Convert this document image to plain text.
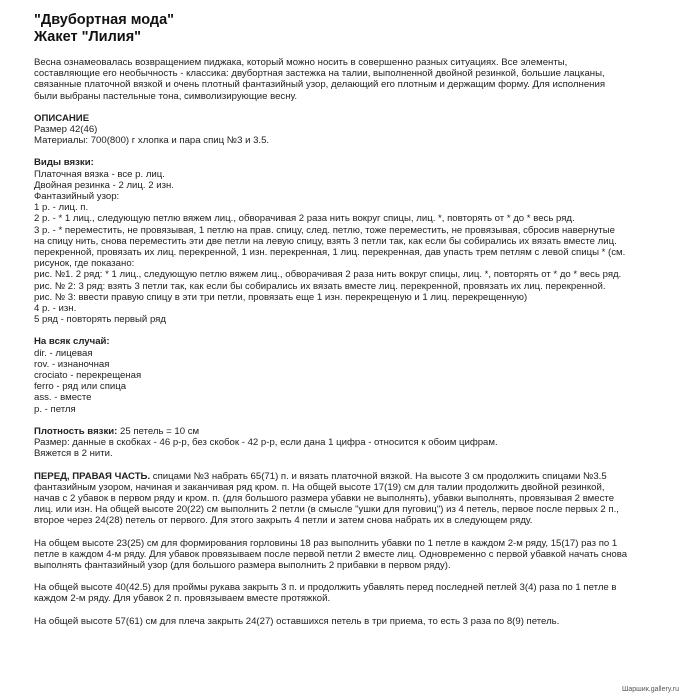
"Двубортная мода"
Жакет "Лилия"

Весна ознамеовалась возвращением пиджака, который можно носить в совершенно разных ситуациях. Все элементы,
составляющие его необычность - классика: двубортная застежка на талии, выполненной двойной резинкой, большие лацканы,
связанные платочной вязкой и очень плотный фантазийный узор, делающий его плотным и держащим форму. Для исполнения
были выбраны пастельные тона, символизирующие весну.

ОПИСАНИЕ

Размер 42(46)

Материалы: 700(800) г хлопка и пара спиц №3 и 3.5.

Виды вязки:

Платочная вязка - все р. лиц.

Двойная резинка - 2 лиц. 2 изн.

Фантазийный узор:

1 р. - лиц. п.

2 р. - * 1 лиц., следующую петлю вяжем лиц., обворачивая 2 раза нить вокруг спицы, лиц. *, повторять от * до * весь ряд.

3 р. - * переместить, не провязывая, 1 петлю на прав. спицу, след. петлю, тоже переместить, не провязывая, сбросив навернутые
на спицу нить, снова переместить эти две петли на левую спицу, взять 3 петли так, как если бы собирались их вязать вместе лиц.
перекренной, провязать их лиц. перекренной, 1 изн. перекренная, 1 лиц. перекренная, дав упасть трем петлям с левой спицы * (см.
рисунок, где показано:

рис. №1. 2 ряд: * 1 лиц., следующую петлю вяжем лиц., обворачивая 2 раза нить вокруг спицы, лиц. *, повторять от * до * весь ряд.

рис. № 2: 3 ряд: взять 3 петли так, как если бы собирались их вязать вместе лиц. перекренной, провязать их лиц. перекренной.

рис. № 3: ввести правую спицу в эти три петли, провязать еще 1 изн. перекрещеную и 1 лиц. перекрещенную)

4 р. - изн.

5 ряд - повторять первый ряд

На всяк случай:

dir. - лицевая

rov. - изнаночная

crociato - перекрещеная

ferro - ряд или спица

ass. - вместе

p. - петля

Плотность вязки: 25 петель = 10 см

Размер: данные в скобках - 46 р-р, без скобок - 42 р-р, если дана 1 цифра - относится к обоим цифрам.

Вяжется в 2 нити.

ПЕРЕД, ПРАВАЯ ЧАСТЬ. спицами №3 набрать 65(71) п. и вязать платочной вязкой. На высоте 3 см продолжить спицами №3.5
фантазийным узором, начиная и заканчивая ряд кром. п. На общей высоте 17(19) см для талии продолжить двойной резинкой,
начав с 2 убавок в первом ряду и кром. п. (для большого размера убавки не выполнять), убавки выполнять, провязывая 2 вместе
лиц. или изн. На общей высоте 20(22) см выполнить 2 петли (в смысле "ушки для пуговиц") из 4 петель, первое после первых 2 п.,
второе через 24(28) петель от первого. Для этого закрыть 4 петли и затем снова набрать их в следующем ряду.

На общем высоте 23(25) см для формирования горловины 18 раз выполнить убавки по 1 петле в каждом 2-м ряду, 15(17) раз по 1
петле в каждом 4-м ряду. Для убавок провязываем после первой петли 2 вместе лиц. Одновременно с первой убавкой начать снова
выполнять фантазийный узор (для большого размера выполнить 2 прибавки в первом ряду).

На общей высоте 40(42.5) для проймы рукава закрыть 3 п. и продолжить убавлять перед последней петлей 3(4) раза по 1 петле в
каждом 2-м ряду. Для убавок 2 п. провязываем вместе протяжкой.

На общей высоте 57(61) см для плеча закрыть 24(27) оставшихся петель в три приема, то есть 3 раза по 8(9) петель.

Шаршик.gallery.ru
